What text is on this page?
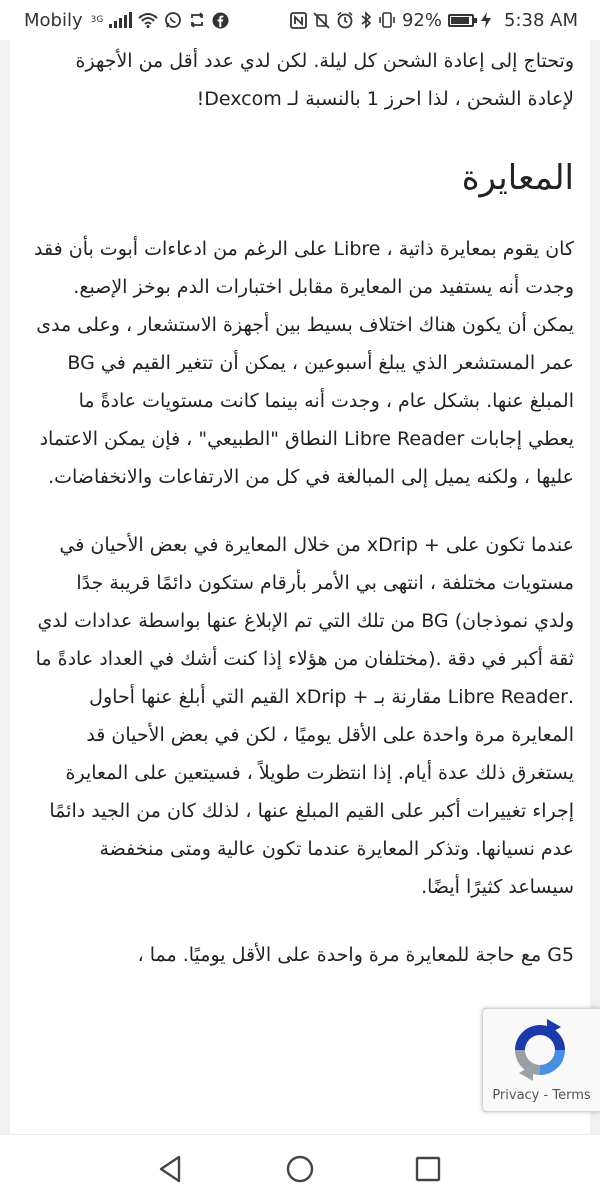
Mobily 3G	92%	5:38 AM

وتحتاج إلى إعادة الشحن كل ليلة. لكن لدي عدد أقل من الأجهزة لإعادة الشحن ، لذا احرز 1 بالنسبة لـ Dexcom!

المعايرة

كان يقوم بمعايرة ذاتية ، Libre على الرغم من ادعاءات أبوت بأن فقد وجدت أنه يستفيد من المعايرة مقابل اختبارات الدم بوخز الإصبع. يمكن أن يكون هناك اختلاف بسيط بين أجهزة الاستشعار ، وعلى مدى عمر المستشعر الذي يبلغ أسبوعين ، يمكن أن تتغير القيم في BG المبلغ عنها. بشكل عام ، وجدت أنه بينما كانت مستويات عادةً ما يعطي إجابات Libre Reader النطاق "الطبيعي" ، فإن يمكن الاعتماد عليها ، ولكنه يميل إلى المبالغة في كل من الارتفاعات والانخفاضات.

عندما تكون على + xDrip من خلال المعايرة في بعض الأحيان في مستويات مختلفة ، انتهى بي الأمر بأرقام ستكون دائمًا قريبة جدًا ولدي نموذجان) BG من تلك التي تم الإبلاغ عنها بواسطة عدادات لدي ثقة أكبر في دقة .(مختلفان من هؤلاء إذا كنت أشك في العداد عادةً ما .Libre Reader مقارنة بـ + xDrip القيم التي أبلغ عنها أحاول المعايرة مرة واحدة على الأقل يوميًا ، لكن في بعض الأحيان قد يستغرق ذلك عدة أيام. إذا انتظرت طويلاً ، فسيتعين على المعايرة إجراء تغييرات أكبر على القيم المبلغ عنها ، لذلك كان من الجيد دائمًا عدم نسيانها. وتذكر المعايرة عندما تكون عالية ومتى منخفضة سيساعد كثيرًا أيضًا.

G5 مع حاجة للمعايرة مرة واحدة على الأقل يوميًا. مما ،

Privacy - Terms
